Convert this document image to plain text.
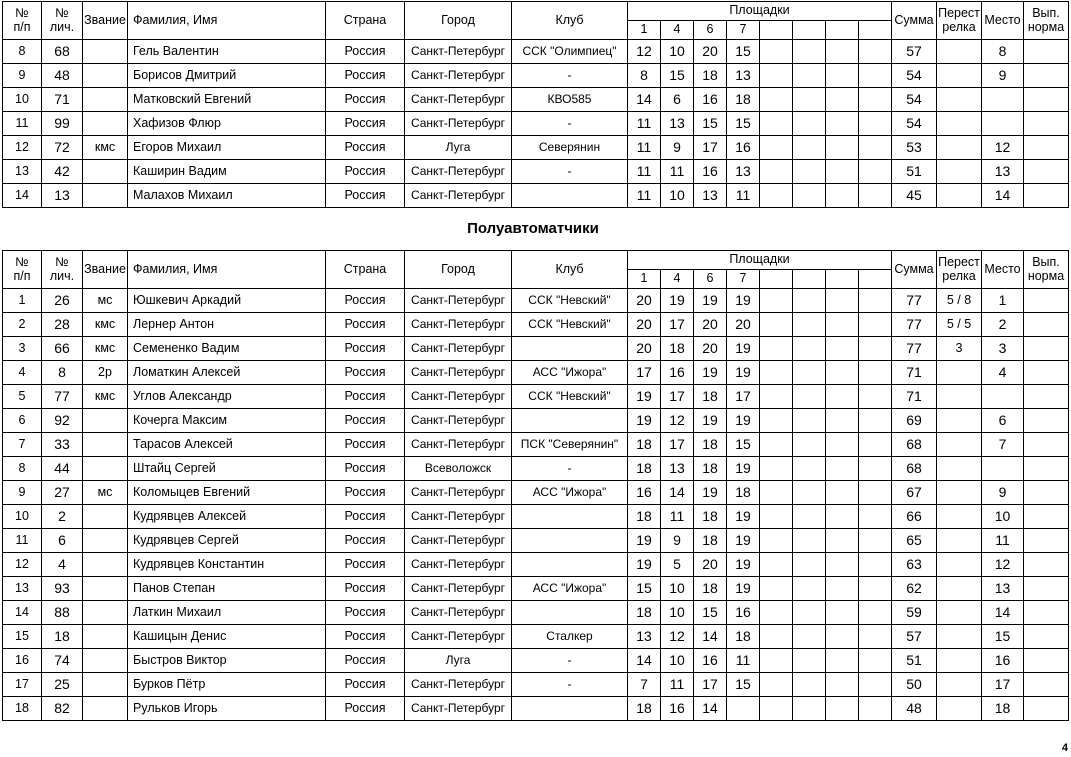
№
п/п	№
лич.	Звание	Фамилия, Имя	Страна	Город	Клуб	Площадки								Сумма	Перест
релка	Место	Вып.
норма
							1	4	6	7								
8	68		Гель Валентин	Россия	Санкт-Петербург	ССК "Олимпиец"	12	10	20	15					57		8	
9	48		Борисов Дмитрий	Россия	Санкт-Петербург	-	8	15	18	13					54		9	
10	71		Матковский Евгений	Россия	Санкт-Петербург	КВО585	14	6	16	18					54			
11	99		Хафизов Флюр	Россия	Санкт-Петербург	-	11	13	15	15					54			
12	72	кмс	Егоров Михаил	Россия	Луга	Северянин	11	9	17	16					53		12	
13	42		Каширин Вадим	Россия	Санкт-Петербург	-	11	11	16	13					51		13	
14	13		Малахов Михаил	Россия	Санкт-Петербург		11	10	13	11					45		14	
Полуавтоматчики
№
п/п	№
лич.	Звание	Фамилия, Имя	Страна	Город	Клуб	Площадки								Сумма	Перест
релка	Место	Вып.
норма
							1	4	6	7								
1	26	мс	Юшкевич Аркадий	Россия	Санкт-Петербург	ССК "Невский"	20	19	19	19					77	5 / 8	1	
2	28	кмс	Лернер Антон	Россия	Санкт-Петербург	ССК "Невский"	20	17	20	20					77	5 / 5	2	
3	66	кмс	Семененко Вадим	Россия	Санкт-Петербург		20	18	20	19					77	3	3	
4	8	2р	Ломаткин Алексей	Россия	Санкт-Петербург	АСС "Ижора"	17	16	19	19					71		4	
5	77	кмс	Углов Александр	Россия	Санкт-Петербург	ССК "Невский"	19	17	18	17					71			
6	92		Кочерга Максим	Россия	Санкт-Петербург		19	12	19	19					69		6	
7	33		Тарасов Алексей	Россия	Санкт-Петербург	ПСК "Северянин"	18	17	18	15					68		7	
8	44		Штайц Сергей	Россия	Всеволожск	-	18	13	18	19					68			
9	27	мс	Коломыцев Евгений	Россия	Санкт-Петербург	АСС "Ижора"	16	14	19	18					67		9	
10	2		Кудрявцев Алексей	Россия	Санкт-Петербург		18	11	18	19					66		10	
11	6		Кудрявцев Сергей	Россия	Санкт-Петербург		19	9	18	19					65		11	
12	4		Кудрявцев Константин	Россия	Санкт-Петербург		19	5	20	19					63		12	
13	93		Панов Степан	Россия	Санкт-Петербург	АСС "Ижора"	15	10	18	19					62		13	
14	88		Латкин Михаил	Россия	Санкт-Петербург		18	10	15	16					59		14	
15	18		Кашицын Денис	Россия	Санкт-Петербург	Сталкер	13	12	14	18					57		15	
16	74		Быстров Виктор	Россия	Луга	-	14	10	16	11					51		16	
17	25		Бурков Пётр	Россия	Санкт-Петербург	-	7	11	17	15					50		17	
18	82		Рульков Игорь	Россия	Санкт-Петербург		18	16	14						48		18	
4
